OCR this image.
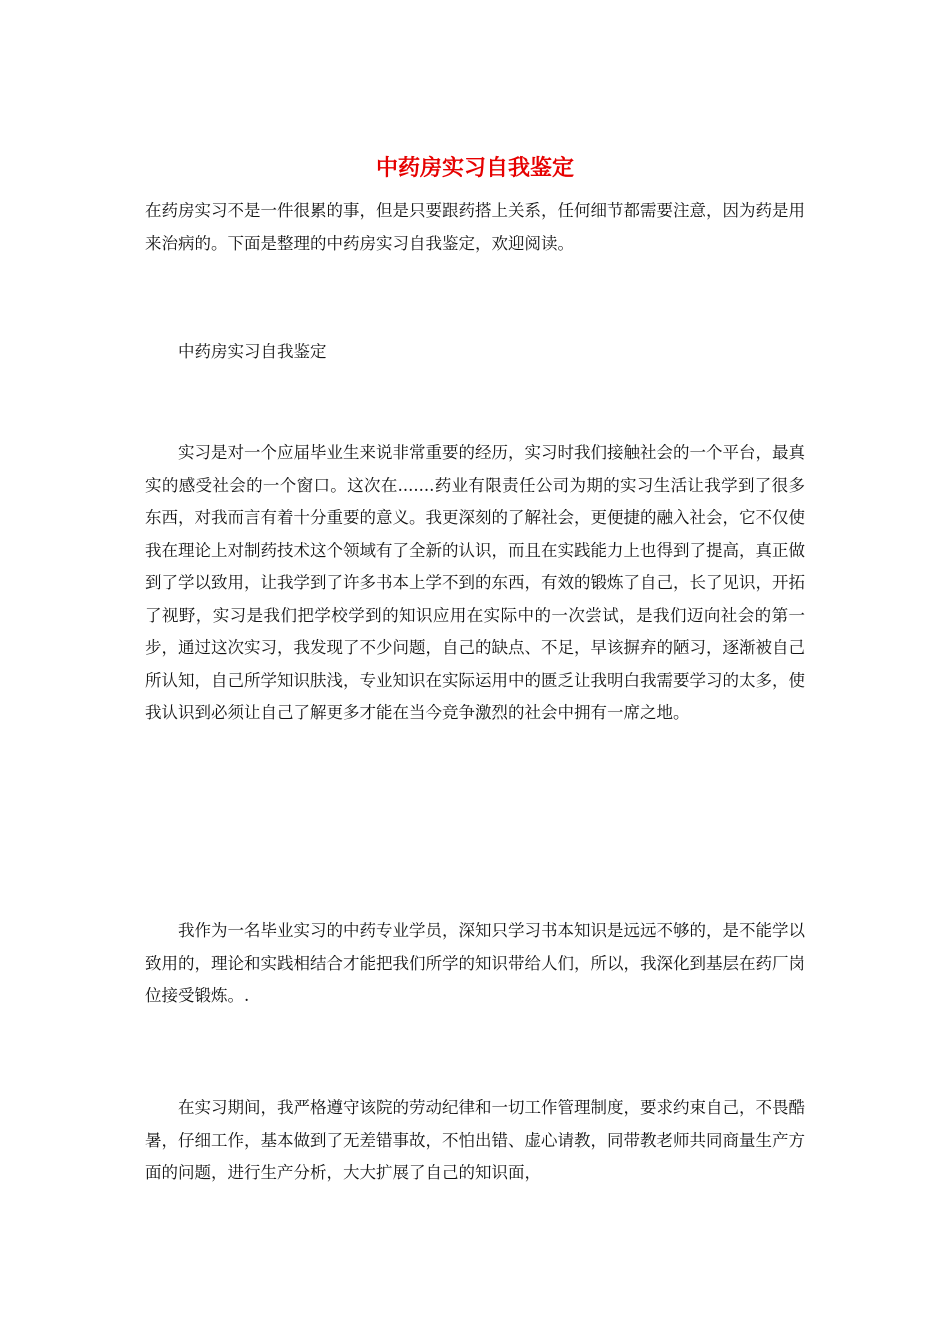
中药房实习自我鉴定

在药房实习不是一件很累的事，但是只要跟药搭上关系，任何细节都需要注意，因为药是用来治病的。下面是整理的中药房实习自我鉴定，欢迎阅读。

中药房实习自我鉴定

实习是对一个应届毕业生来说非常重要的经历，实习时我们接触社会的一个平台，最真实的感受社会的一个窗口。这次在.......药业有限责任公司为期的实习生活让我学到了很多东西，对我而言有着十分重要的意义。我更深刻的了解社会，更便捷的融入社会，它不仅使我在理论上对制药技术这个领域有了全新的认识，而且在实践能力上也得到了提高，真正做到了学以致用，让我学到了许多书本上学不到的东西，有效的锻炼了自己，长了见识，开拓了视野，实习是我们把学校学到的知识应用在实际中的一次尝试，是我们迈向社会的第一步，通过这次实习，我发现了不少问题，自己的缺点、不足，早该摒弃的陋习，逐渐被自己所认知，自己所学知识肤浅，专业知识在实际运用中的匮乏让我明白我需要学习的太多，使我认识到必须让自己了解更多才能在当今竞争激烈的社会中拥有一席之地。

我作为一名毕业实习的中药专业学员，深知只学习书本知识是远远不够的，是不能学以致用的，理论和实践相结合才能把我们所学的知识带给人们，所以，我深化到基层在药厂岗位接受锻炼。.

在实习期间，我严格遵守该院的劳动纪律和一切工作管理制度，要求约束自己，不畏酷暑，仔细工作，基本做到了无差错事故，不怕出错、虚心请教，同带教老师共同商量生产方面的问题，进行生产分析，大大扩展了自己的知识面，
